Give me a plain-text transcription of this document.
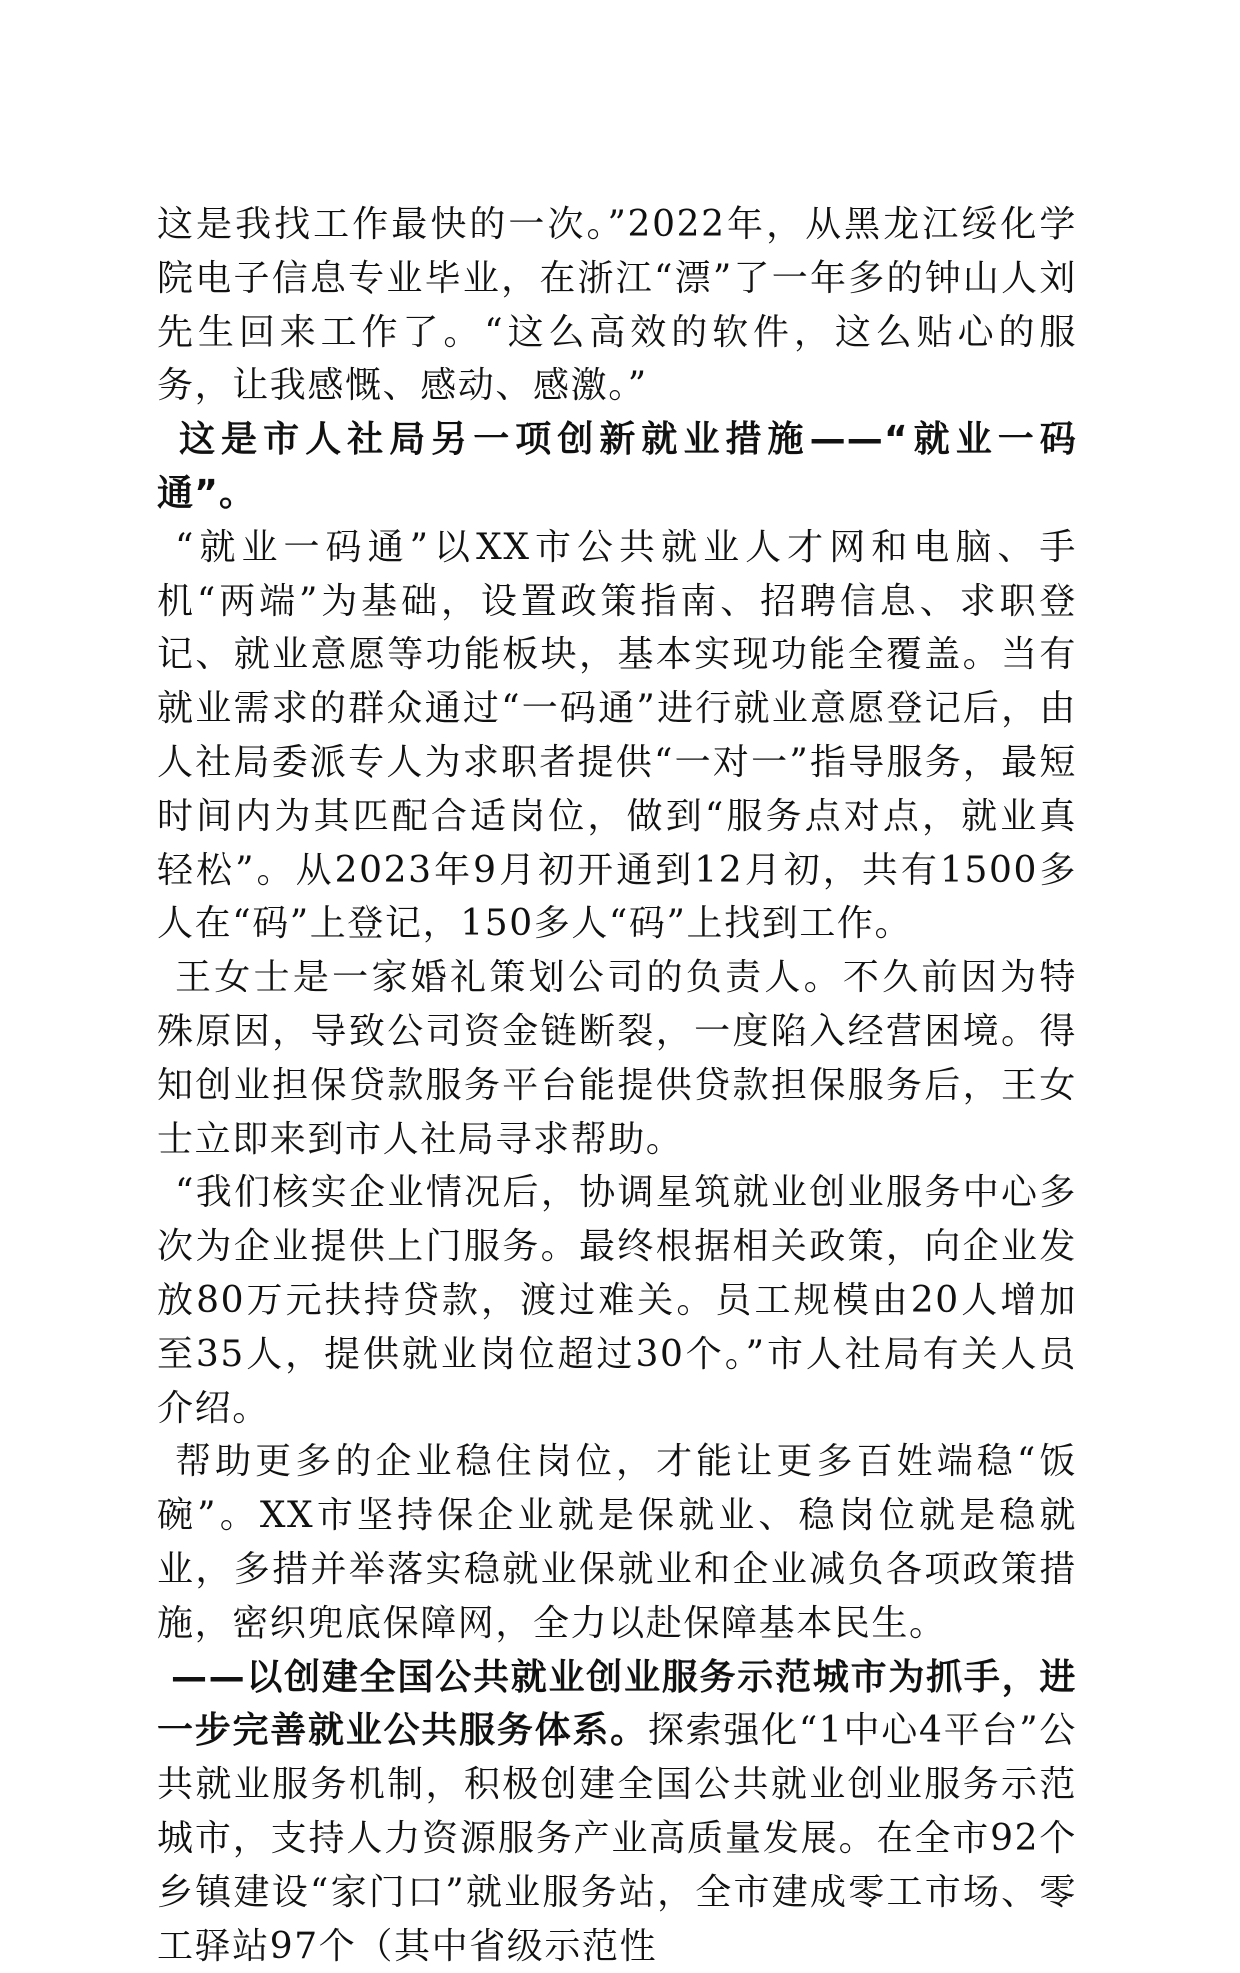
这是我找工作最快的一次。”2022年，从黑龙江绥化学院电子信息专业毕业，在浙江“漂”了一年多的钟山人刘先生回来工作了。“这么高效的软件，这么贴心的服务，让我感慨、感动、感激。”

这是市人社局另一项创新就业措施——“就业一码通”。

“就业一码通”以XX市公共就业人才网和电脑、手机“两端”为基础，设置政策指南、招聘信息、求职登记、就业意愿等功能板块，基本实现功能全覆盖。当有就业需求的群众通过“一码通”进行就业意愿登记后，由人社局委派专人为求职者提供“一对一”指导服务，最短时间内为其匹配合适岗位，做到“服务点对点，就业真轻松”。从2023年9月初开通到12月初，共有1500多人在“码”上登记，150多人“码”上找到工作。

王女士是一家婚礼策划公司的负责人。不久前因为特殊原因，导致公司资金链断裂，一度陷入经营困境。得知创业担保贷款服务平台能提供贷款担保服务后，王女士立即来到市人社局寻求帮助。

“我们核实企业情况后，协调星筑就业创业服务中心多次为企业提供上门服务。最终根据相关政策，向企业发放80万元扶持贷款，渡过难关。员工规模由20人增加至35人，提供就业岗位超过30个。”市人社局有关人员介绍。

帮助更多的企业稳住岗位，才能让更多百姓端稳“饭碗”。XX市坚持保企业就是保就业、稳岗位就是稳就业，多措并举落实稳就业保就业和企业减负各项政策措施，密织兜底保障网，全力以赴保障基本民生。

——以创建全国公共就业创业服务示范城市为抓手，进一步完善就业公共服务体系。探索强化“1中心4平台”公共就业服务机制，积极创建全国公共就业创业服务示范城市，支持人力资源服务产业高质量发展。在全市92个乡镇建设“家门口”就业服务站，全市建成零工市场、零工驿站97个（其中省级示范性
